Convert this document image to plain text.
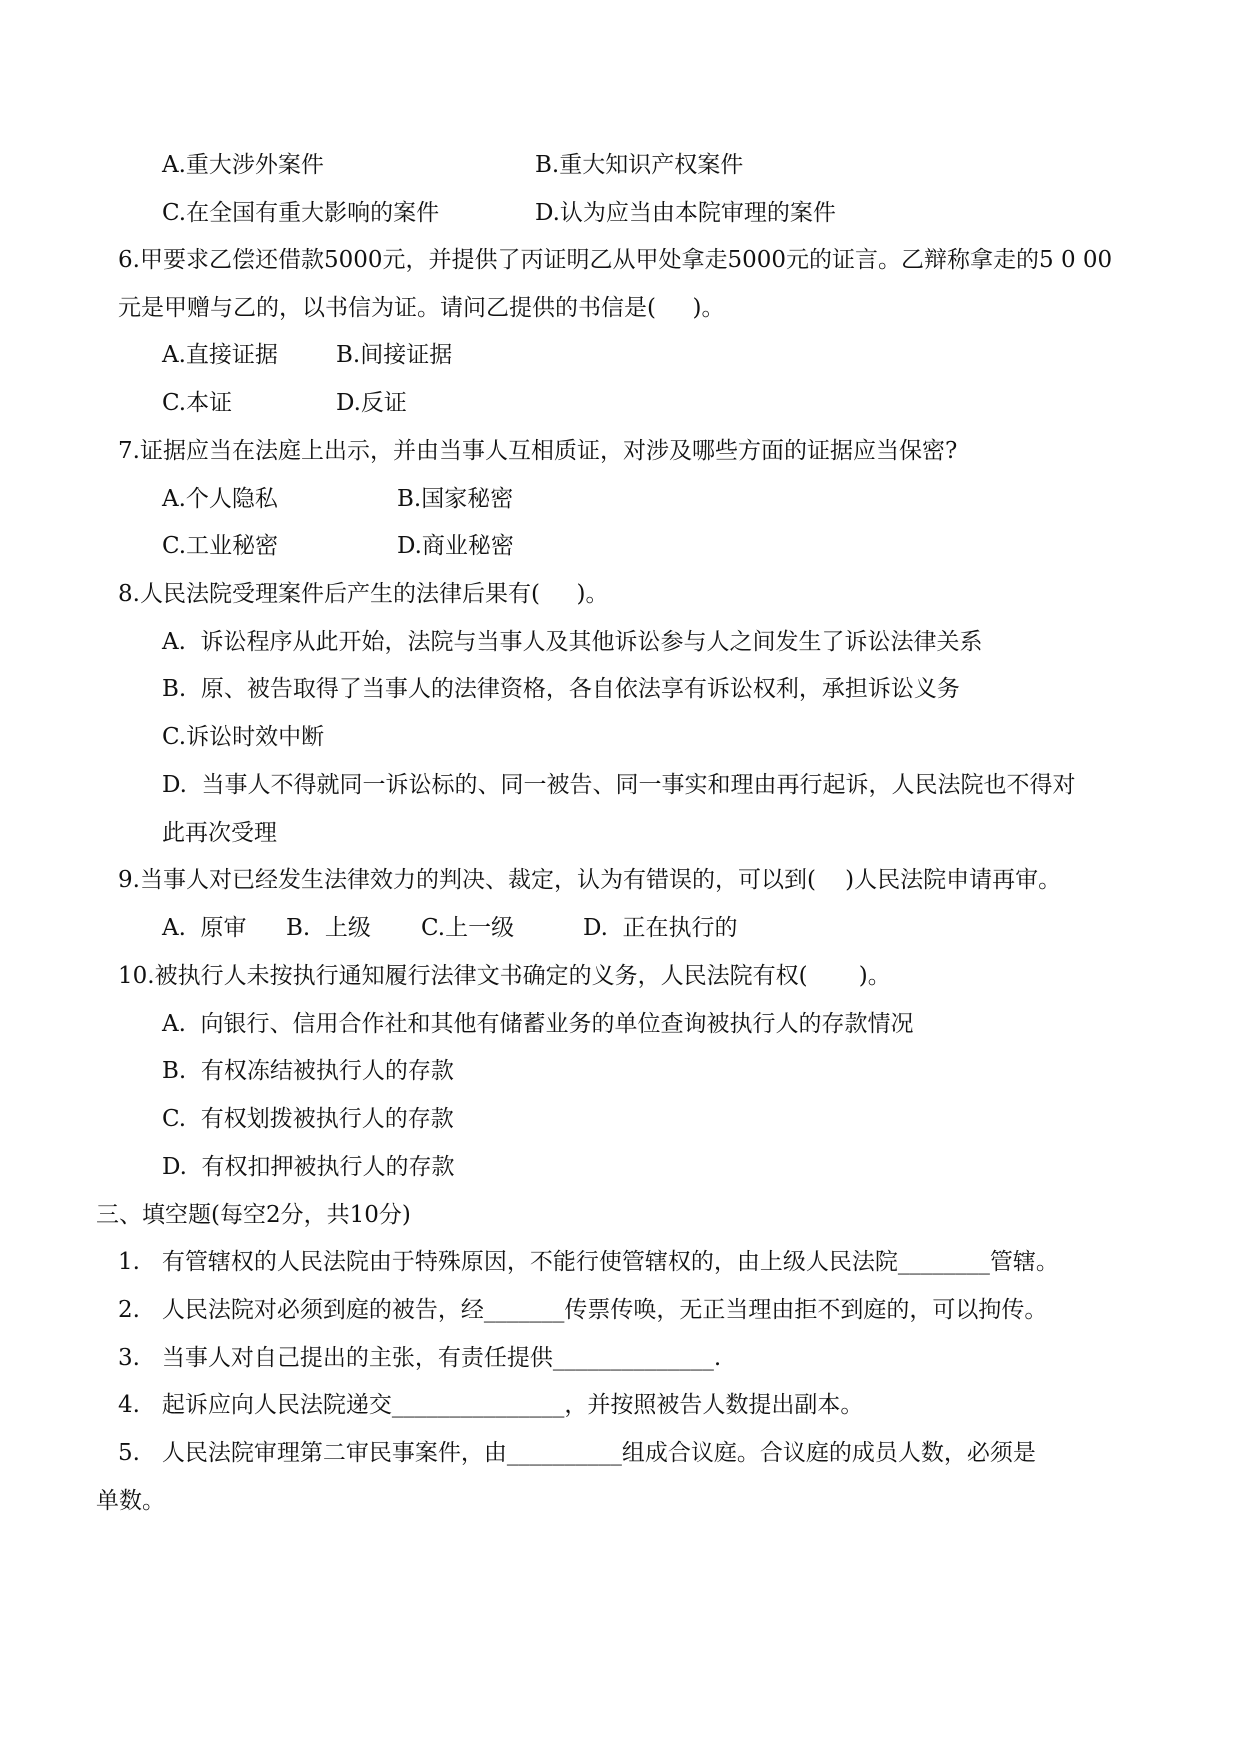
A.重大涉外案件	B.重大知识产权案件
C.在全国有重大影响的案件	D.认为应当由本院审理的案件
6.甲要求乙偿还借款5000元，并提供了丙证明乙从甲处拿走5000元的证言。乙辩称拿走的5 0 00
元是甲赠与乙的，以书信为证。请问乙提供的书信是(     )。
A.直接证据	B.间接证据
C.本证	D.反证
7.证据应当在法庭上出示，并由当事人互相质证，对涉及哪些方面的证据应当保密?
A.个人隐私	B.国家秘密
C.工业秘密	D.商业秘密
8.人民法院受理案件后产生的法律后果有(     )。
A.  诉讼程序从此开始，法院与当事人及其他诉讼参与人之间发生了诉讼法律关系
B.  原、被告取得了当事人的法律资格，各自依法享有诉讼权利，承担诉讼义务
C.诉讼时效中断
D.  当事人不得就同一诉讼标的、同一被告、同一事实和理由再行起诉，人民法院也不得对
此再次受理
9.当事人对已经发生法律效力的判决、裁定，认为有错误的，可以到(    )人民法院申请再审。
A.  原审 B.  上级 C.上一级	D.  正在执行的
10.被执行人未按执行通知履行法律文书确定的义务，人民法院有权(       )。
A.  向银行、信用合作社和其他有储蓄业务的单位查询被执行人的存款情况
B.  有权冻结被执行人的存款
C.  有权划拨被执行人的存款
D.  有权扣押被执行人的存款
三、填空题(每空2分，共10分)
1.   有管辖权的人民法院由于特殊原因，不能行使管辖权的，由上级人民法院________管辖。
2.   人民法院对必须到庭的被告，经_______传票传唤，无正当理由拒不到庭的，可以拘传。
3.   当事人对自己提出的主张，有责任提供______________.
4.   起诉应向人民法院递交_______________，并按照被告人数提出副本。
5.   人民法院审理第二审民事案件，由__________组成合议庭。合议庭的成员人数，必须是
单数。
